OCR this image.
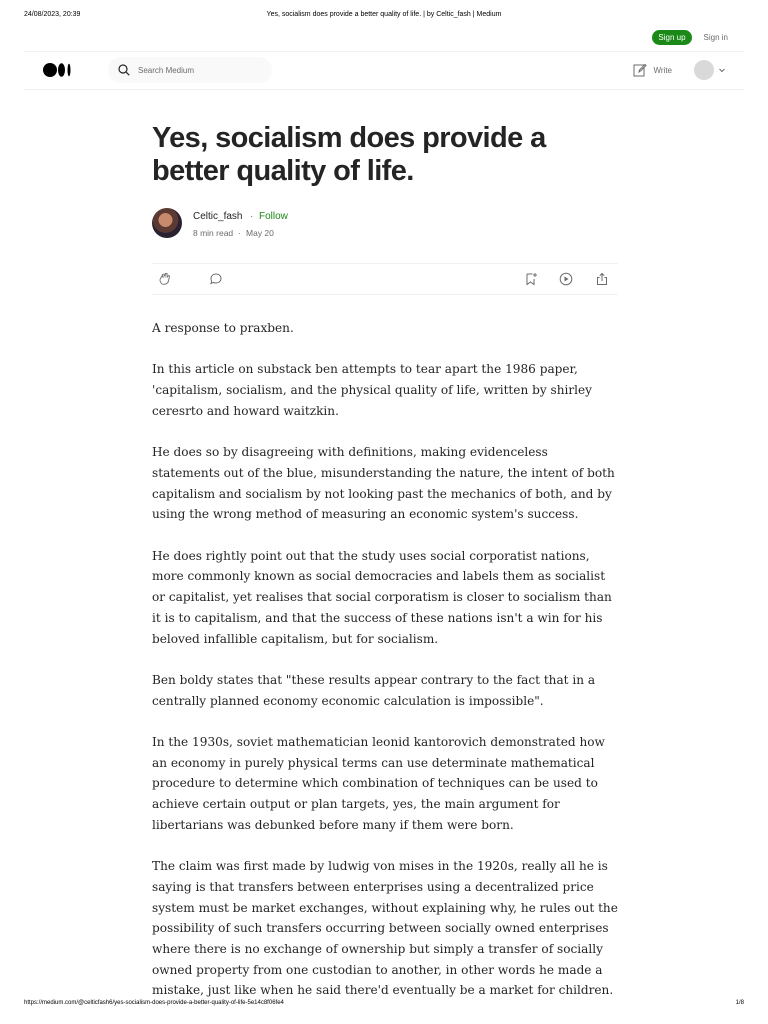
24/08/2023, 20:39	Yes, socialism does provide a better quality of life. | by Celtic_fash | Medium
Sign up	Sign in
Search Medium
Write
Yes, socialism does provide a better quality of life.
Celtic_fash · Follow
8 min read · May 20

A response to praxben.

In this article on substack ben attempts to tear apart the 1986 paper, 'capitalism, socialism, and the physical quality of life, written by shirley ceresrto and howard waitzkin.

He does so by disagreeing with definitions, making evidenceless statements out of the blue, misunderstanding the nature, the intent of both capitalism and socialism by not looking past the mechanics of both, and by using the wrong method of measuring an economic system's success.

He does rightly point out that the study uses social corporatist nations, more commonly known as social democracies and labels them as socialist or capitalist, yet realises that social corporatism is closer to socialism than it is to capitalism, and that the success of these nations isn't a win for his beloved infallible capitalism, but for socialism.

Ben boldy states that "these results appear contrary to the fact that in a centrally planned economy economic calculation is impossible".

In the 1930s, soviet mathematician leonid kantorovich demonstrated how an economy in purely physical terms can use determinate mathematical procedure to determine which combination of techniques can be used to achieve certain output or plan targets, yes, the main argument for libertarians was debunked before many if them were born.

The claim was first made by ludwig von mises in the 1920s, really all he is saying is that transfers between enterprises using a decentralized price system must be market exchanges, without explaining why, he rules out the possibility of such transfers occurring between socially owned enterprises where there is no exchange of ownership but simply a transfer of socially owned property from one custodian to another, in other words he made a mistake, just like when he said there'd eventually be a market for children.

https://medium.com/@celticfash6/yes-socialism-does-provide-a-better-quality-of-life-5e14c8f06fe4	1/8
